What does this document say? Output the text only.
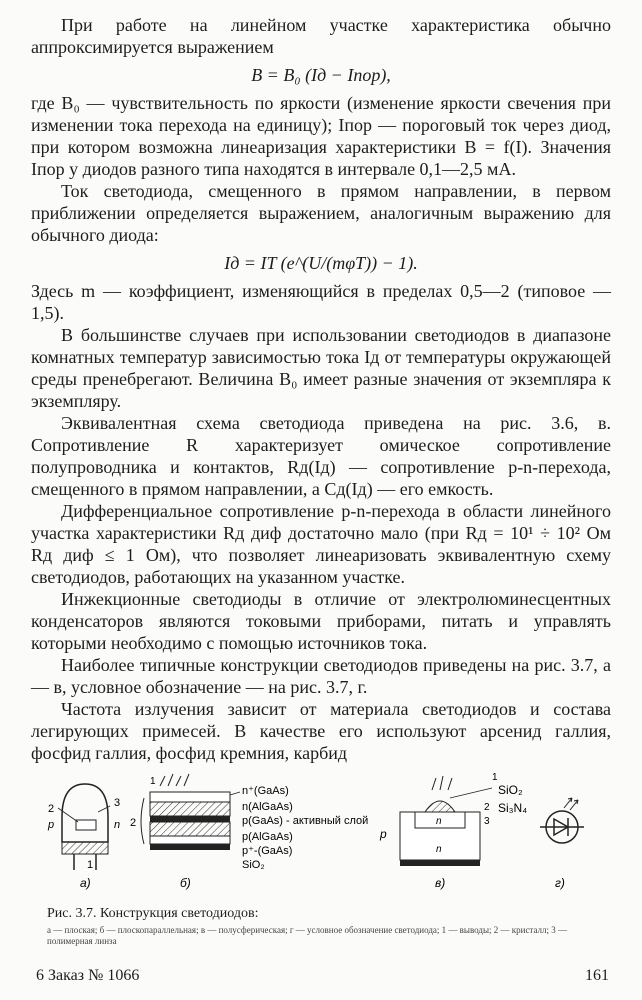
При работе на линейном участке характеристика обычно аппроксимируется выражением

B = B₀ (Iд − Iпор),

где B₀ — чувствительность по яркости (изменение яркости свечения при изменении тока перехода на единицу); Iпор — пороговый ток через диод, при котором возможна линеаризация характеристики B = f(I). Значения Iпор у диодов разного типа находятся в интервале 0,1—2,5 мА.

Ток светодиода, смещенного в прямом направлении, в первом приближении определяется выражением, аналогичным выражению для обычного диода:

Iд = IT (e^(U/(mφT)) − 1).

Здесь m — коэффициент, изменяющийся в пределах 0,5—2 (типовое — 1,5).

В большинстве случаев при использовании светодиодов в диапазоне комнатных температур зависимостью тока Iд от температуры окружающей среды пренебрегают. Величина B₀ имеет разные значения от экземпляра к экземпляру.

Эквивалентная схема светодиода приведена на рис. 3.6, в. Сопротивление R характеризует омическое сопротивление полупроводника и контактов, Rд(Iд) — сопротивление p-n-перехода, смещенного в прямом направлении, а Cд(Iд) — его емкость.

Дифференциальное сопротивление p-n-перехода в области линейного участка характеристики Rд диф достаточно мало (при Rд = 10¹ ÷ 10² Ом Rд диф ≤ 1 Ом), что позволяет линеаризовать эквивалентную схему светодиодов, работающих на указанном участке.

Инжекционные светодиоды в отличие от электролюминесцентных конденсаторов являются токовыми приборами, питать и управлять которыми необходимо с помощью источников тока.

Наиболее типичные конструкции светодиодов приведены на рис. 3.7, а — в, условное обозначение — на рис. 3.7, г.

Частота излучения зависит от материала светодиодов и состава легирующих примесей. В качестве его используют арсенид галлия, фосфид галлия, фосфид кремния, карбид

2	3
p	n
1
а)
1
2
n⁺(GaAs)
n(AlGaAs)
p(GaAs) - активный слой
p(AlGaAs)
p⁺-(GaAs)
SiO₂
б)
1
SiO₂
Si₃N₄
2
3
p
n
n
в)	г)
Рис. 3.7. Конструкция светодиодов:
а — плоская; б — плоскопараллельная; в — полусферическая; г — условное обозначение светодиода; 1 — выводы; 2 — кристалл; 3 — полимерная линза
6 Заказ № 1066	161
